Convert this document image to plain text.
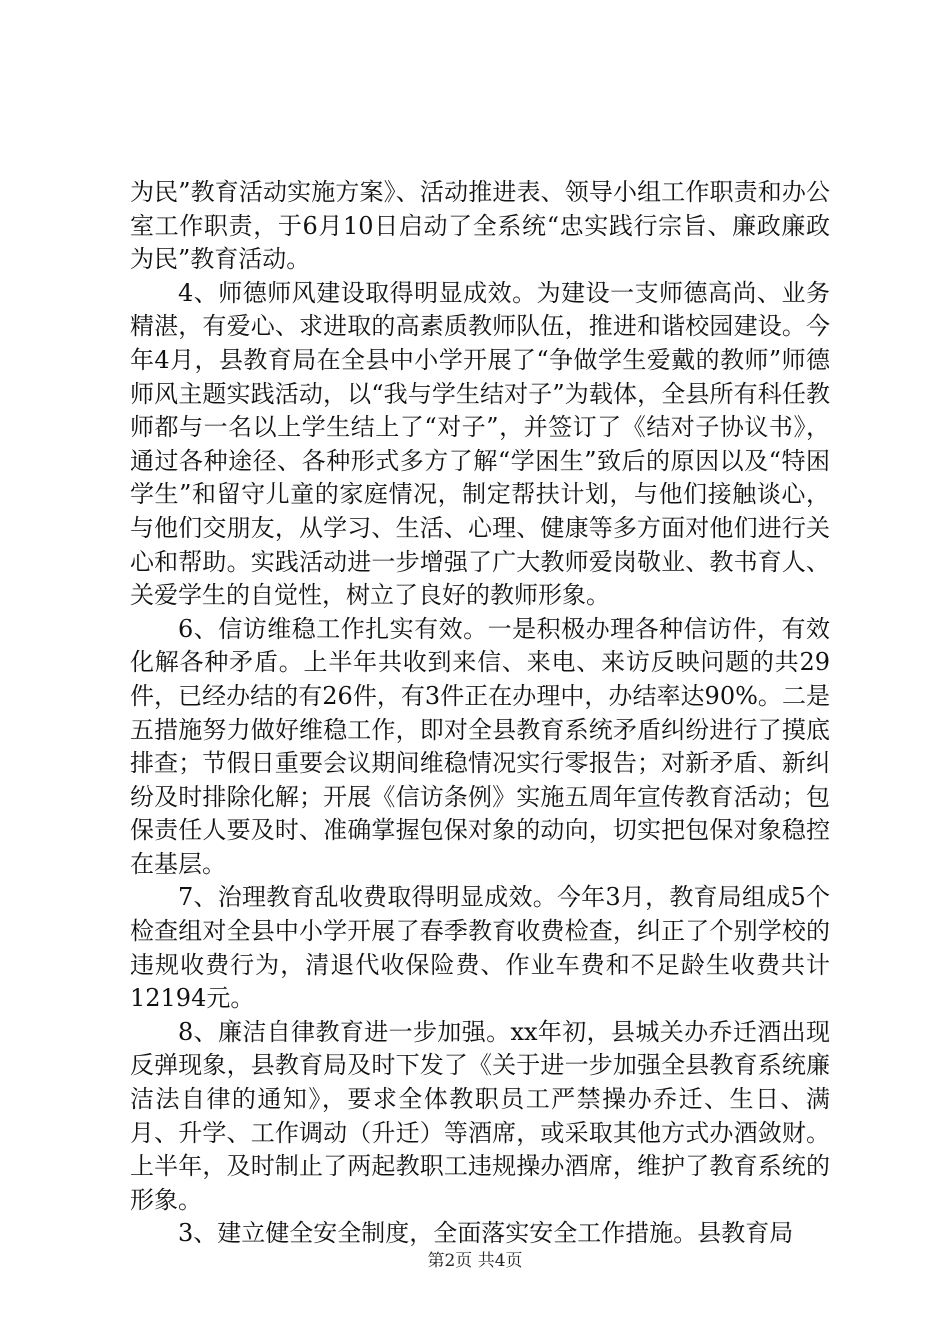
为民”教育活动实施方案》、活动推进表、领导小组工作职责和办公室工作职责，于6月10日启动了全系统“忠实践行宗旨、廉政廉政为民”教育活动。

4、师德师风建设取得明显成效。为建设一支师德高尚、业务精湛，有爱心、求进取的高素质教师队伍，推进和谐校园建设。今年4月，县教育局在全县中小学开展了“争做学生爱戴的教师”师德师风主题实践活动，以“我与学生结对子”为载体，全县所有科任教师都与一名以上学生结上了“对子”，并签订了《结对子协议书》，通过各种途径、各种形式多方了解“学困生”致后的原因以及“特困学生”和留守儿童的家庭情况，制定帮扶计划，与他们接触谈心，与他们交朋友，从学习、生活、心理、健康等多方面对他们进行关心和帮助。实践活动进一步增强了广大教师爱岗敬业、教书育人、关爱学生的自觉性，树立了良好的教师形象。

6、信访维稳工作扎实有效。一是积极办理各种信访件，有效化解各种矛盾。上半年共收到来信、来电、来访反映问题的共29件，已经办结的有26件，有3件正在办理中，办结率达90%。二是五措施努力做好维稳工作，即对全县教育系统矛盾纠纷进行了摸底排查；节假日重要会议期间维稳情况实行零报告；对新矛盾、新纠纷及时排除化解；开展《信访条例》实施五周年宣传教育活动；包保责任人要及时、准确掌握包保对象的动向，切实把包保对象稳控在基层。

7、治理教育乱收费取得明显成效。今年3月，教育局组成5个检查组对全县中小学开展了春季教育收费检查，纠正了个别学校的违规收费行为，清退代收保险费、作业车费和不足龄生收费共计12194元。

8、廉洁自律教育进一步加强。xx年初，县城关办乔迁酒出现反弹现象，县教育局及时下发了《关于进一步加强全县教育系统廉洁法自律的通知》，要求全体教职员工严禁操办乔迁、生日、满月、升学、工作调动（升迁）等酒席，或采取其他方式办酒敛财。上半年，及时制止了两起教职工违规操办酒席，维护了教育系统的形象。

3、建立健全安全制度，全面落实安全工作措施。县教育局

第2页 共4页
